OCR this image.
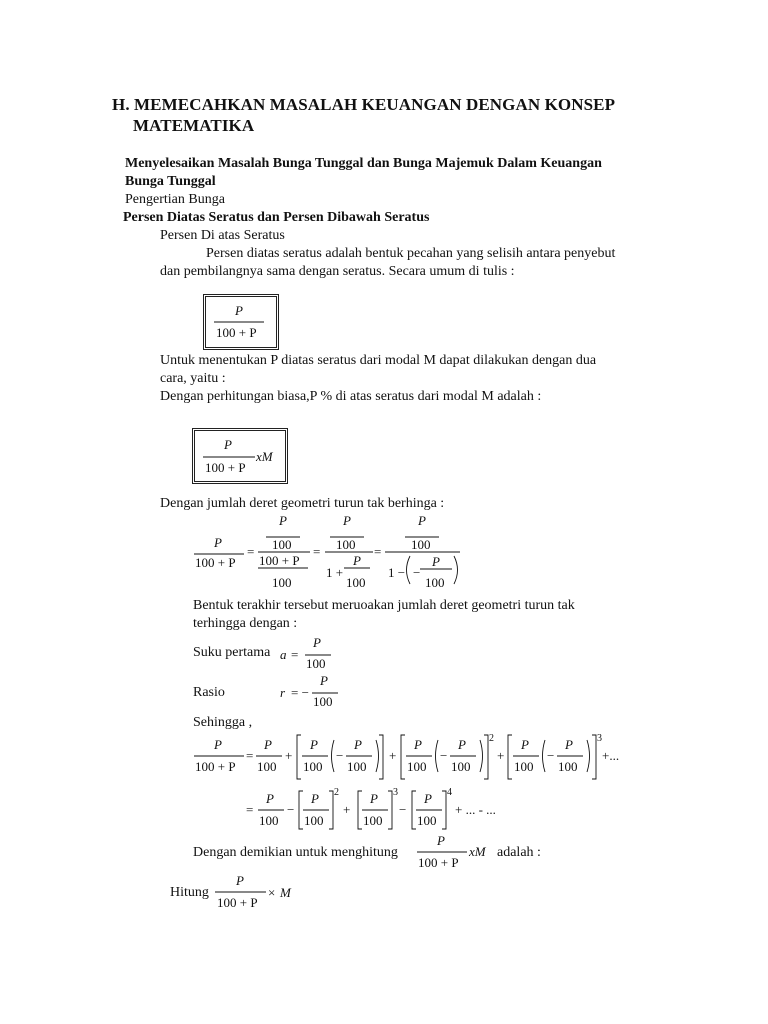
H. MEMECAHKAN MASALAH KEUANGAN DENGAN KONSEP
MATEMATIKA
Menyelesaikan Masalah Bunga Tunggal dan Bunga Majemuk Dalam Keuangan
Bunga Tunggal
Pengertian Bunga
Persen Diatas Seratus dan Persen Dibawah Seratus
Persen Di atas Seratus
Persen diatas seratus adalah bentuk pecahan yang selisih antara penyebut
dan pembilangnya sama dengan seratus. Secara umum di tulis :
Untuk menentukan P diatas seratus dari modal M dapat dilakukan dengan dua
cara, yaitu :
Dengan perhitungan biasa,P % di atas seratus dari modal M adalah :
Dengan jumlah deret geometri turun tak berhinga :
Bentuk terakhir tersebut meruoakan jumlah deret geometri turun tak
terhingga dengan :
Suku pertama
Rasio
Sehingga ,
Dengan demikian untuk menghitung	adalah :
Hitung
P
100 + P
P
100 + P
xM
P
100 + P
=
P
100
100 + P
100
=
P
100
1 +
P
100
=
P
100
1 − −
P
100
a =
P
100
r = −
P
100
P
100 + P
=
P
100
+
P
100
−
P
100
+
P
100
−
P
100
2
+
P
100
−
P
100
3
+...
=
P
100
−
P
100
2
+
P
100
3
−
P
100
4
+ ... - ...
P
100 + P
xM
P
100 + P
× M
